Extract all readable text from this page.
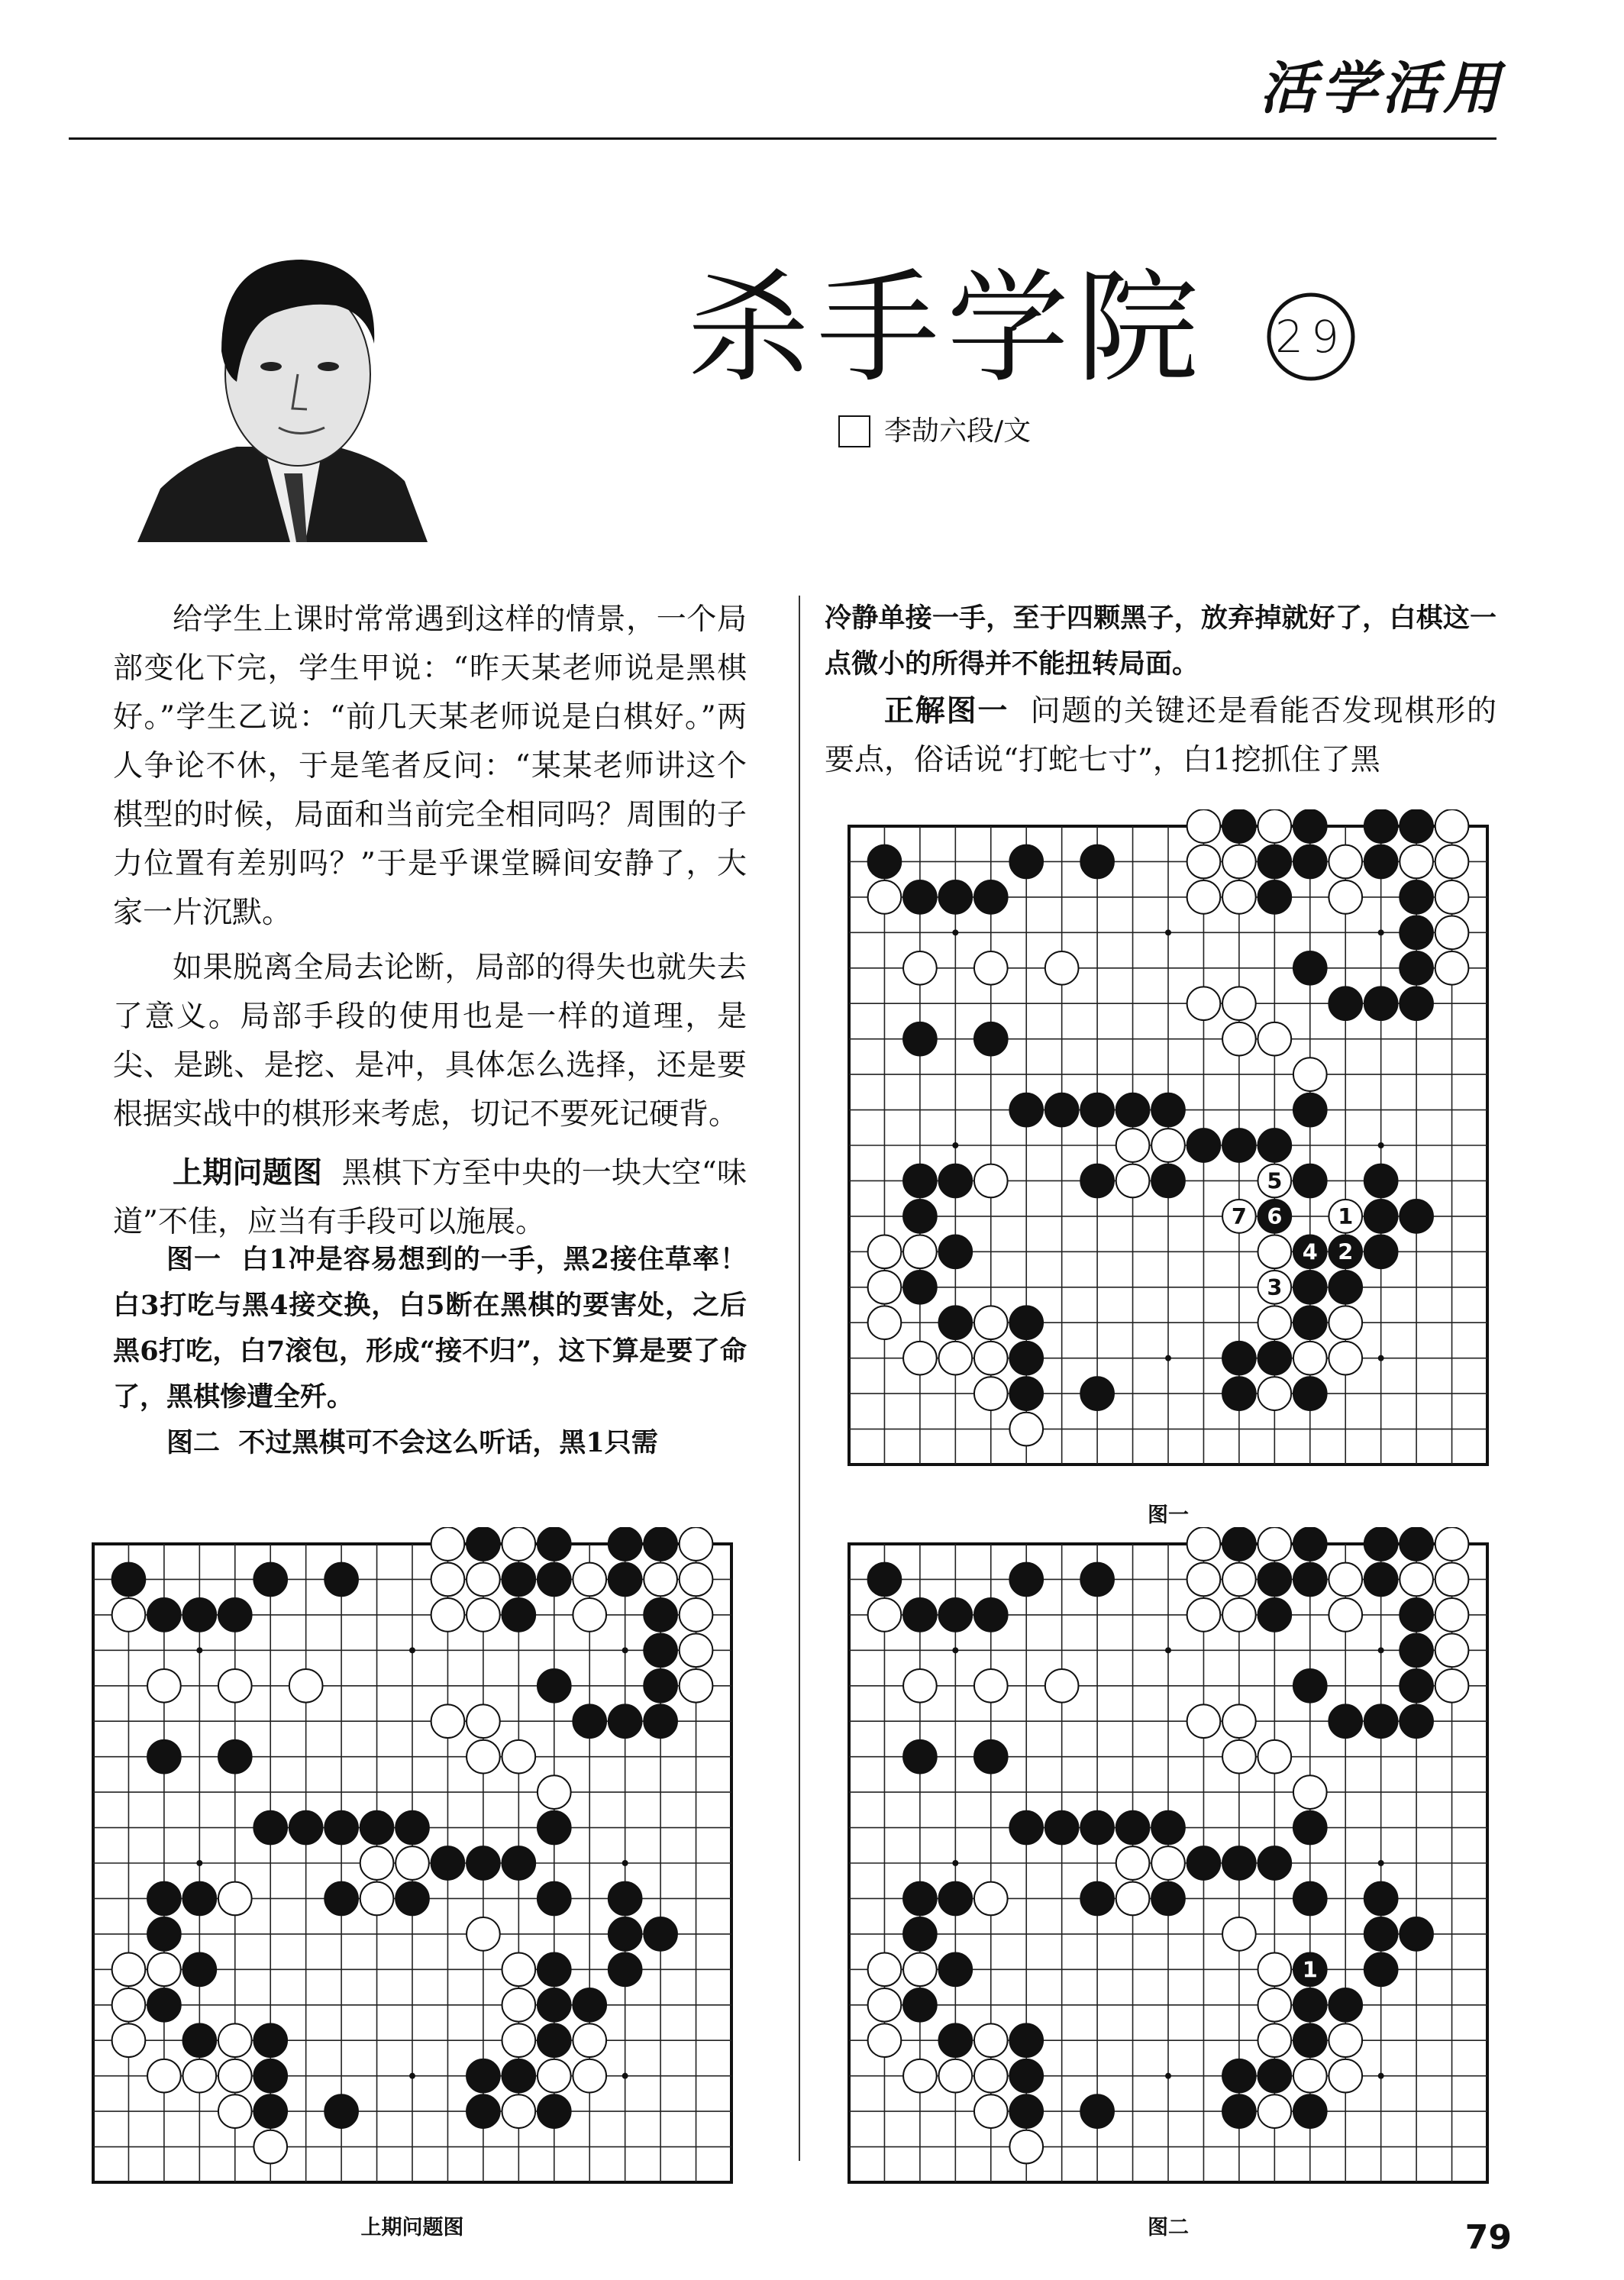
活学活用
杀手学院 29
李劼六段/文

给学生上课时常常遇到这样的情景，一个局部变化下完，学生甲说：“昨天某老师说是黑棋好。”学生乙说：“前几天某老师说是白棋好。”两人争论不休，于是笔者反问：“某某老师讲这个棋型的时候，局面和当前完全相同吗？周围的子力位置有差别吗？”于是乎课堂瞬间安静了，大家一片沉默。

如果脱离全局去论断，局部的得失也就失去了意义。局部手段的使用也是一样的道理，是尖、是跳、是挖、是冲，具体怎么选择，还是要根据实战中的棋形来考虑，切记不要死记硬背。

上期问题图 黑棋下方至中央的一块大空“味道”不佳，应当有手段可以施展。

图一 白1冲是容易想到的一手，黑2接住草率！白3打吃与黑4接交换，白5断在黑棋的要害处，之后黑6打吃，白7滚包，形成“接不归”，这下算是要了命了，黑棋惨遭全歼。

图二 不过黑棋可不会这么听话，黑1只需

冷静单接一手，至于四颗黑子，放弃掉就好了，白棋这一点微小的所得并不能扭转局面。

正解图一 问题的关键还是看能否发现棋形的要点，俗话说“打蛇七寸”，白1挖抓住了黑

5
7 6	1
4 2
3
图一
1
图二
上期问题图	79
